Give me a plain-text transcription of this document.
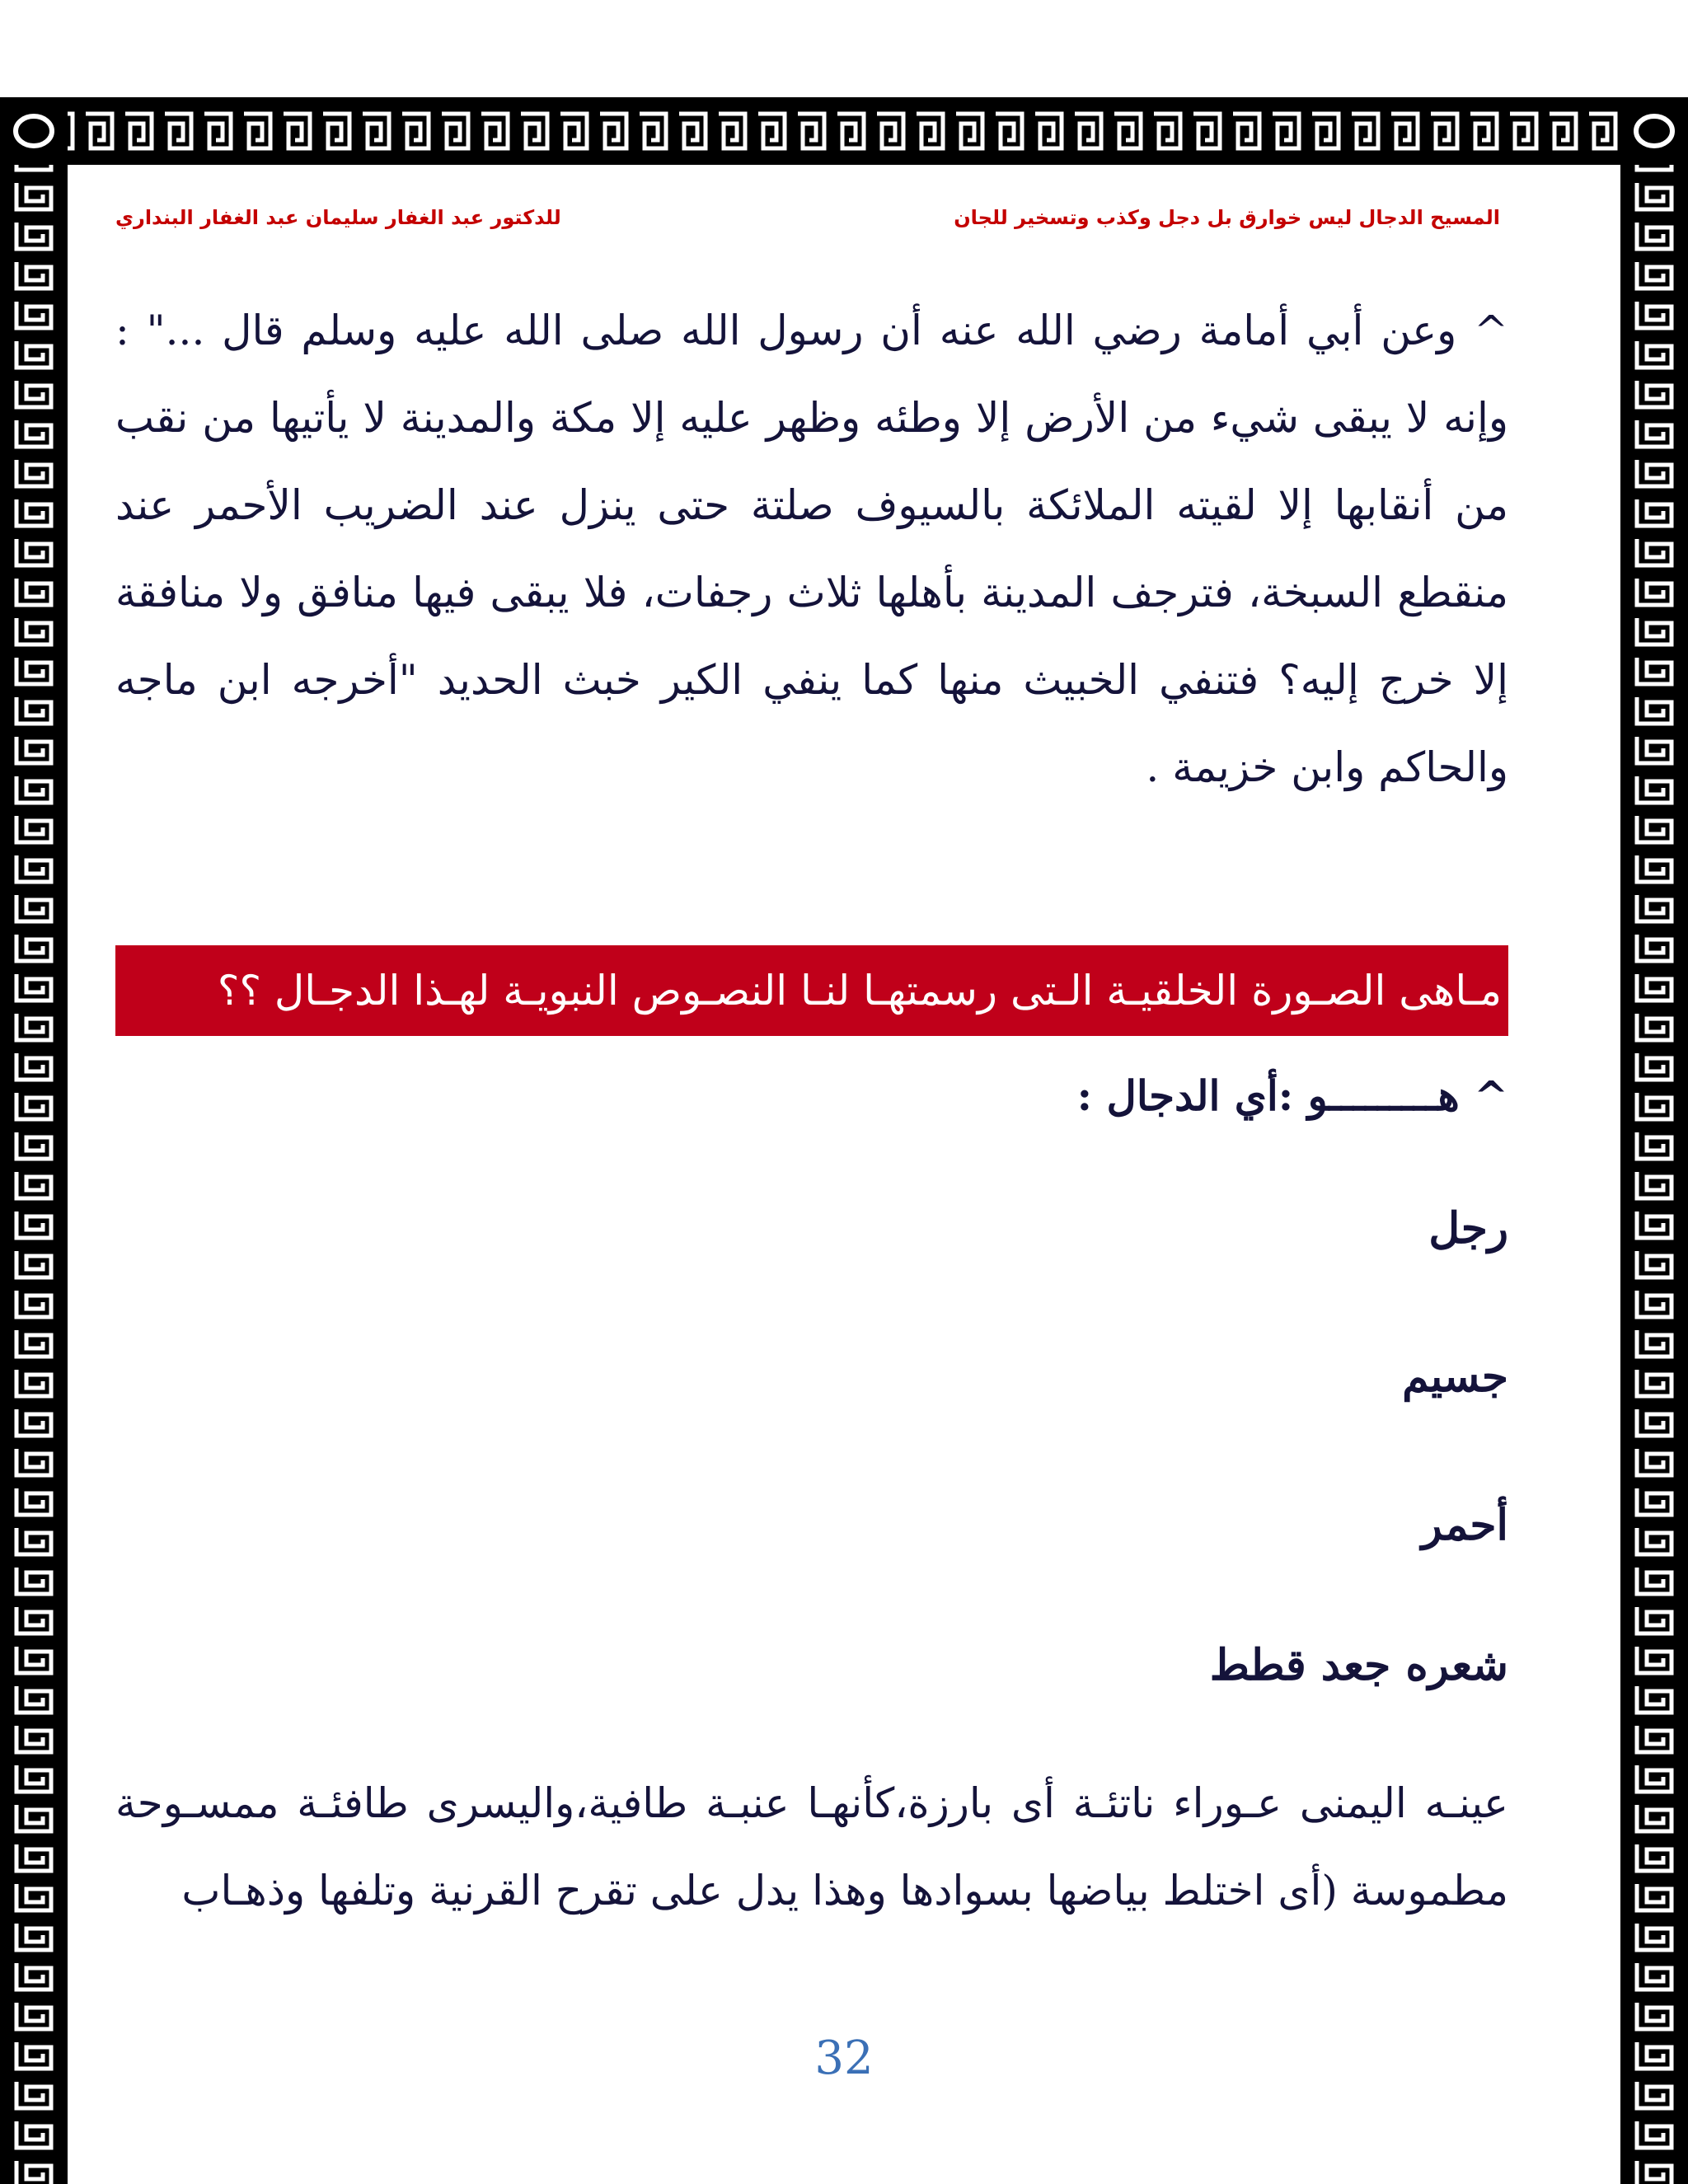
المسيح الدجال ليس خوارق بل دجل وكذب وتسخير للجان
للدكتور عبد الغفار سليمان عبد الغفار البنداري

^ وعن أبي أمامة رضي الله عنه أن رسول الله صلى الله عليه وسلم قال ..." : وإنه لا يبقى شيء من الأرض إلا وطئه وظهر عليه إلا مكة والمدينة لا يأتيها من نقب من أنقابها إلا لقيته الملائكة بالسيوف صلتة حتى ينزل عند الضريب الأحمر عند منقطع السبخة، فترجف المدينة بأهلها ثلاث رجفات، فلا يبقى فيها منافق ولا منافقة إلا خرج إليه؟ فتنفي الخبيث منها كما ينفي الكير خبث الحديد "أخرجه ابن ماجه والحاكم وابن خزيمة .

مـاهى الصـورة الخلقيـة الـتى رسمتهـا لنـا النصـوص النبويـة لهـذا الدجـال ؟؟
^ هـــــــــو :أي الدجال :
رجل
جسيم
أحمر
شعره جعد قطط
عينـه اليمنى عـوراء ناتئـة أى بارزة،كأنهـا عنبـة طافية،واليسرى طافئـة ممسـوحة مطموسة (أى اختلط بياضها بسوادها وهذا يدل على تقرح القرنية وتلفها وذهـاب
32
